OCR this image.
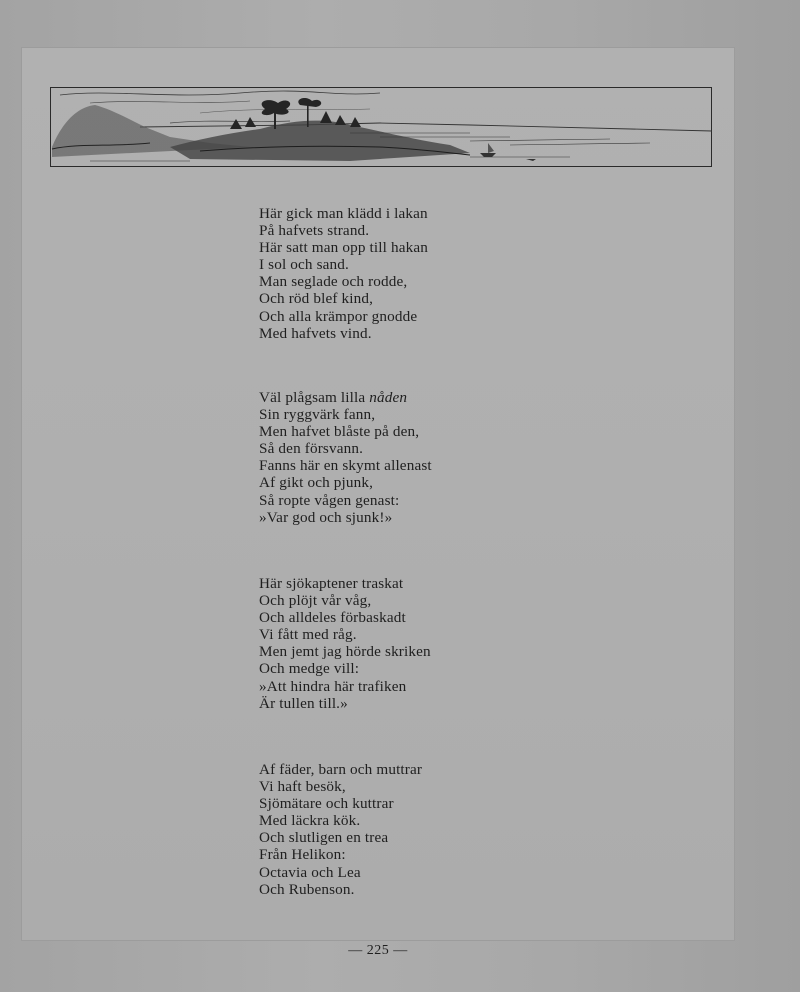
Här gick man klädd i lakan
På hafvets strand.
Här satt man opp till hakan
I sol och sand.
Man seglade och rodde,
Och röd blef kind,
Och alla krämpor gnodde
Med hafvets vind.
Väl plågsam lilla nåden
Sin ryggvärk fann,
Men hafvet blåste på den,
Så den försvann.
Fanns här en skymt allenast
Af gikt och pjunk,
Så ropte vågen genast:
»Var god och sjunk!»
Här sjökaptener traskat
Och plöjt vår våg,
Och alldeles förbaskadt
Vi fått med råg.
Men jemt jag hörde skriken
Och medge vill:
»Att hindra här trafiken
Är tullen till.»
Af fäder, barn och muttrar
Vi haft besök,
Sjömätare och kuttrar
Med läckra kök.
Och slutligen en trea
Från Helikon:
Octavia och Lea
Och Rubenson.
— 225 —
